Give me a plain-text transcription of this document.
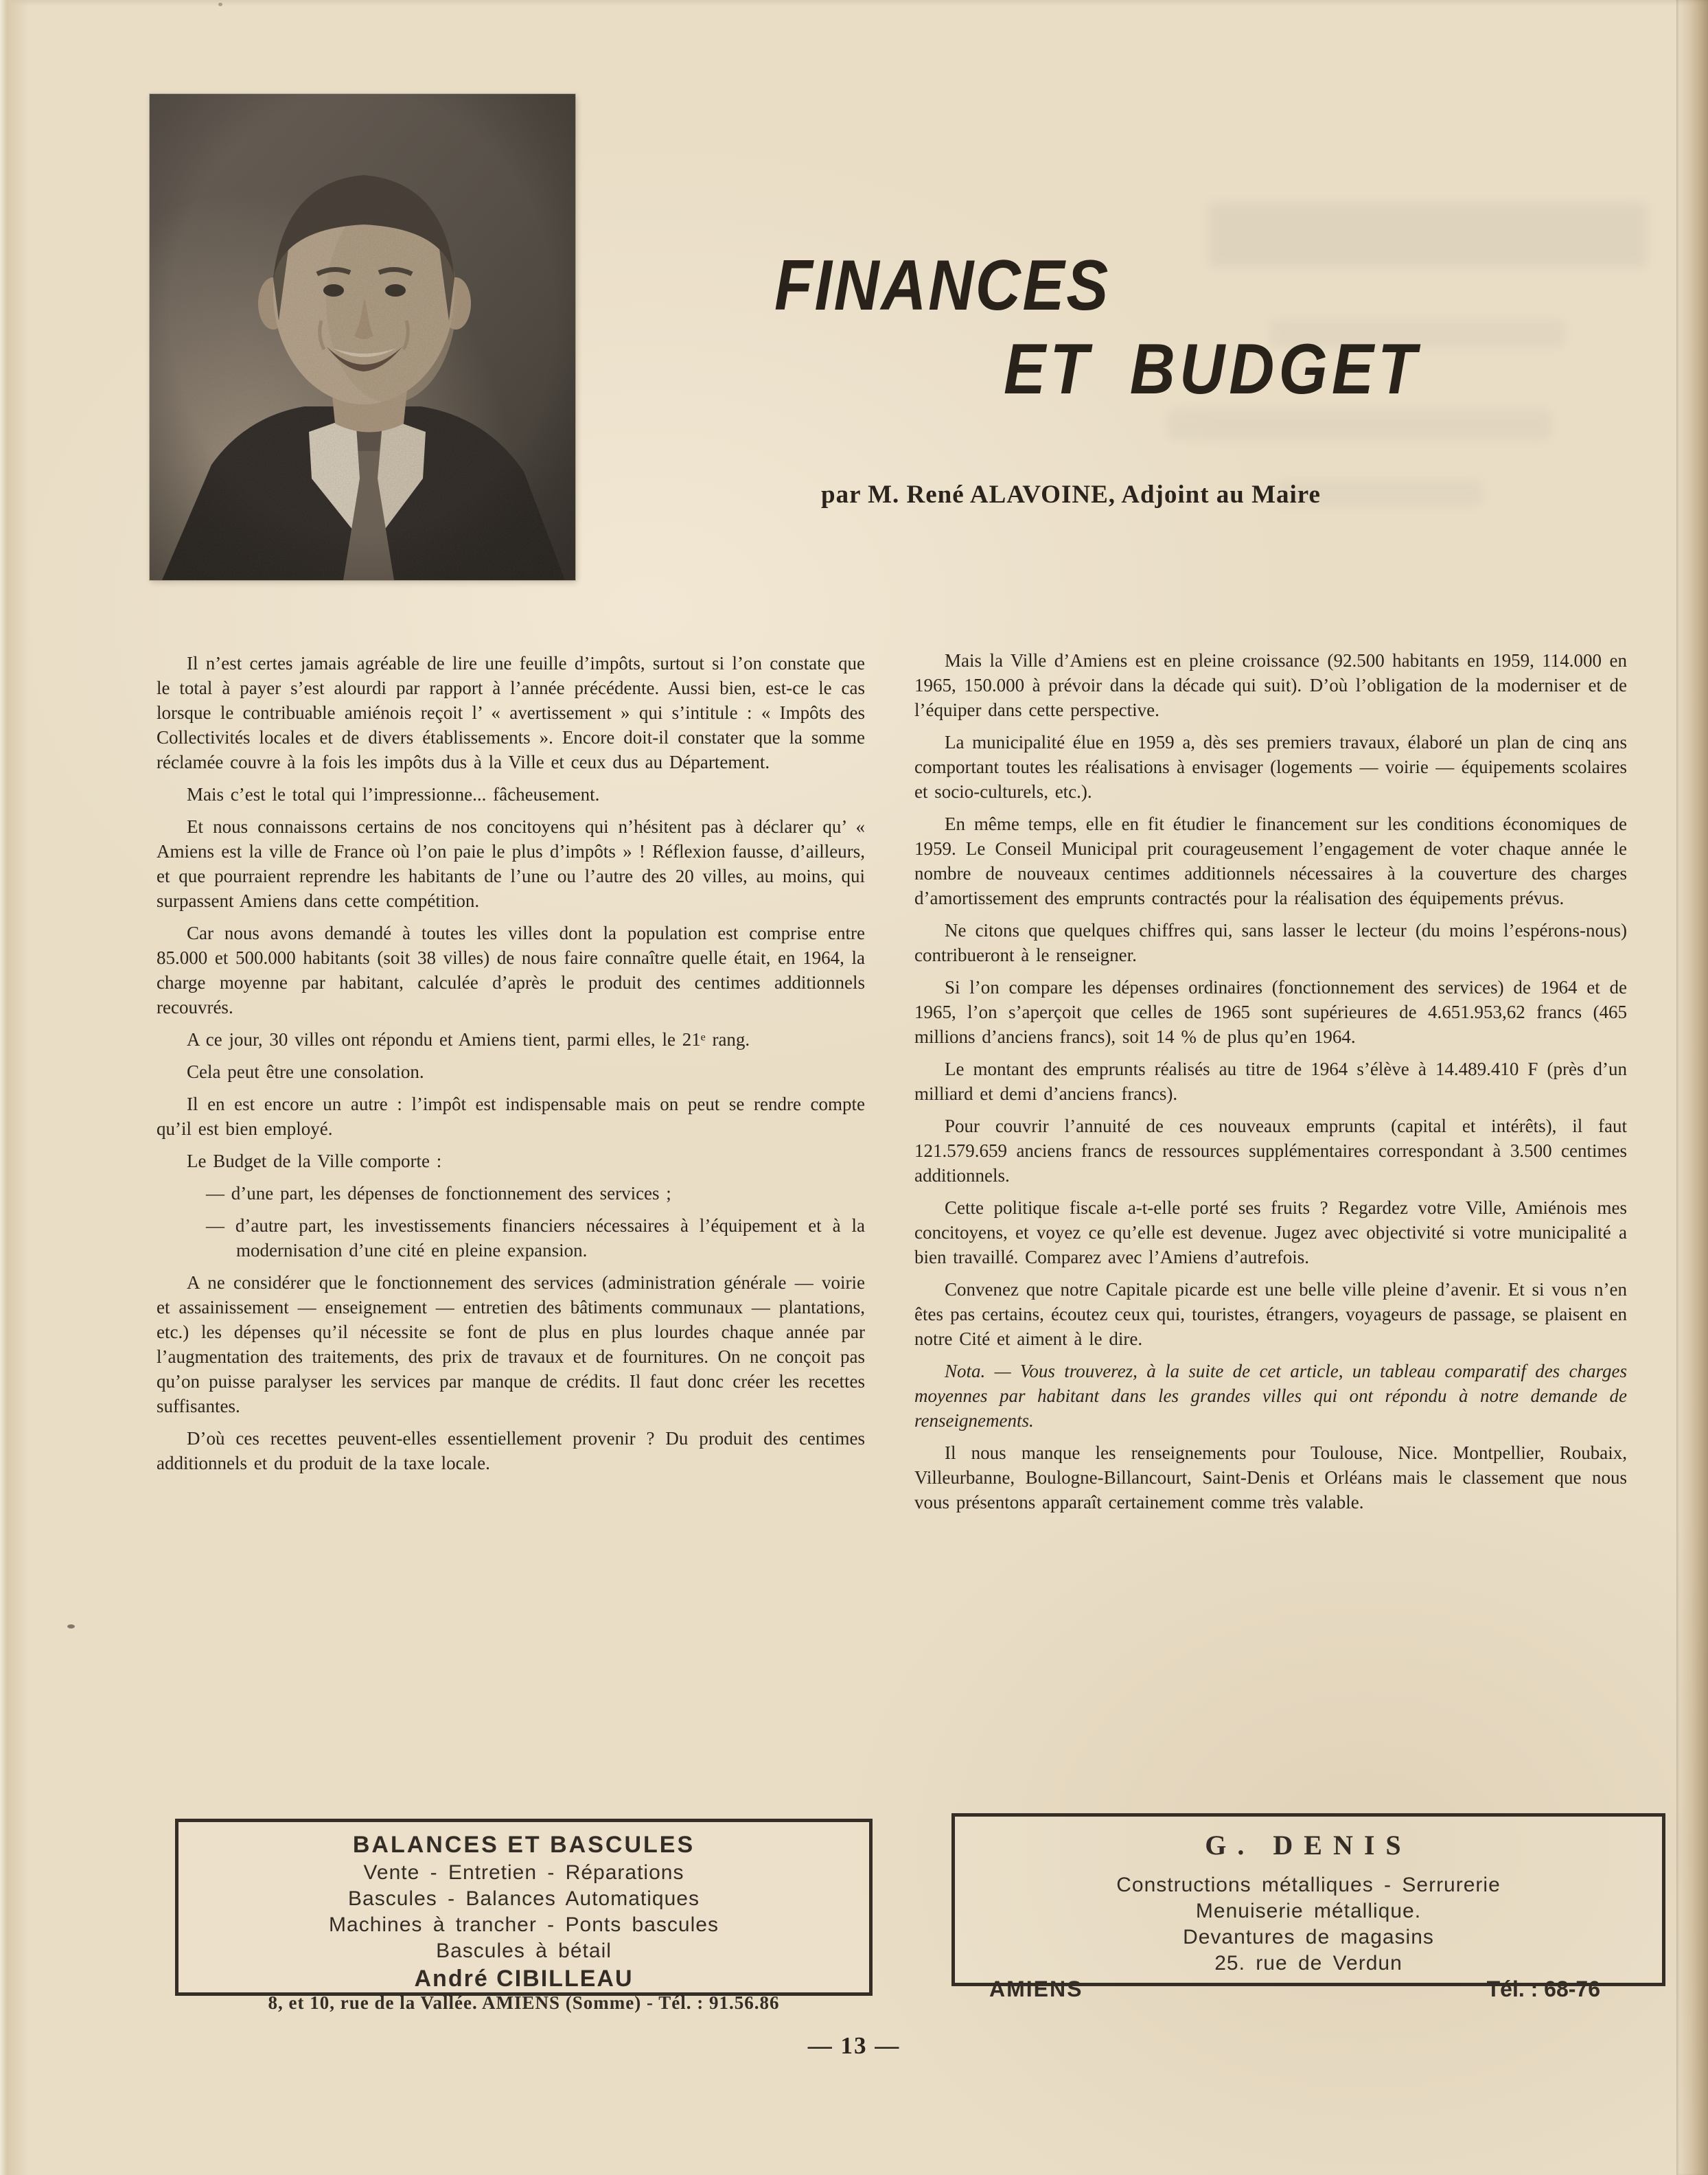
FINANCES
ET BUDGET
par M. René ALAVOINE, Adjoint au Maire

Il n’est certes jamais agréable de lire une feuille d’impôts, surtout si l’on constate que le total à payer s’est alourdi par rapport à l’année précédente. Aussi bien, est-ce le cas lorsque le contribuable amiénois reçoit l’ « avertissement » qui s’intitule : « Impôts des Collectivités locales et de divers établissements ». Encore doit-il constater que la somme réclamée couvre à la fois les impôts dus à la Ville et ceux dus au Département.

Mais c’est le total qui l’impressionne... fâcheusement.

Et nous connaissons certains de nos concitoyens qui n’hésitent pas à déclarer qu’ « Amiens est la ville de France où l’on paie le plus d’impôts » ! Réflexion fausse, d’ailleurs, et que pourraient reprendre les habitants de l’une ou l’autre des 20 villes, au moins, qui surpassent Amiens dans cette compétition.

Car nous avons demandé à toutes les villes dont la population est comprise entre 85.000 et 500.000 habitants (soit 38 villes) de nous faire connaître quelle était, en 1964, la charge moyenne par habitant, calculée d’après le produit des centimes additionnels recouvrés.

A ce jour, 30 villes ont répondu et Amiens tient, parmi elles, le 21ᵉ rang.

Cela peut être une consolation.

Il en est encore un autre : l’impôt est indispensable mais on peut se rendre compte qu’il est bien employé.

Le Budget de la Ville comporte :

— d’une part, les dépenses de fonctionnement des services ;

— d’autre part, les investissements financiers nécessaires à l’équipement et à la modernisation d’une cité en pleine expansion.

A ne considérer que le fonctionnement des services (administration générale — voirie et assainissement — enseignement — entretien des bâtiments communaux — plantations, etc.) les dépenses qu’il nécessite se font de plus en plus lourdes chaque année par l’augmentation des traitements, des prix de travaux et de fournitures. On ne conçoit pas qu’on puisse paralyser les services par manque de crédits. Il faut donc créer les recettes suffisantes.

D’où ces recettes peuvent-elles essentiellement provenir ? Du produit des centimes additionnels et du produit de la taxe locale.

Mais la Ville d’Amiens est en pleine croissance (92.500 habitants en 1959, 114.000 en 1965, 150.000 à prévoir dans la décade qui suit). D’où l’obligation de la moderniser et de l’équiper dans cette perspective.

La municipalité élue en 1959 a, dès ses premiers travaux, élaboré un plan de cinq ans comportant toutes les réalisations à envisager (logements — voirie — équipements scolaires et socio-culturels, etc.).

En même temps, elle en fit étudier le financement sur les conditions économiques de 1959. Le Conseil Municipal prit courageusement l’engagement de voter chaque année le nombre de nouveaux centimes additionnels nécessaires à la couverture des charges d’amortissement des emprunts contractés pour la réalisation des équipements prévus.

Ne citons que quelques chiffres qui, sans lasser le lecteur (du moins l’espérons-nous) contribueront à le renseigner.

Si l’on compare les dépenses ordinaires (fonctionnement des services) de 1964 et de 1965, l’on s’aperçoit que celles de 1965 sont supérieures de 4.651.953,62 francs (465 millions d’anciens francs), soit 14 % de plus qu’en 1964.

Le montant des emprunts réalisés au titre de 1964 s’élève à 14.489.410 F (près d’un milliard et demi d’anciens francs).

Pour couvrir l’annuité de ces nouveaux emprunts (capital et intérêts), il faut 121.579.659 anciens francs de ressources supplémentaires correspondant à 3.500 centimes additionnels.

Cette politique fiscale a-t-elle porté ses fruits ? Regardez votre Ville, Amiénois mes concitoyens, et voyez ce qu’elle est devenue. Jugez avec objectivité si votre municipalité a bien travaillé. Comparez avec l’Amiens d’autrefois.

Convenez que notre Capitale picarde est une belle ville pleine d’avenir. Et si vous n’en êtes pas certains, écoutez ceux qui, touristes, étrangers, voyageurs de passage, se plaisent en notre Cité et aiment à le dire.

Nota. — Vous trouverez, à la suite de cet article, un tableau comparatif des charges moyennes par habitant dans les grandes villes qui ont répondu à notre demande de renseignements.

Il nous manque les renseignements pour Toulouse, Nice. Montpellier, Roubaix, Villeurbanne, Boulogne-Billancourt, Saint-Denis et Orléans mais le classement que nous vous présentons apparaît certainement comme très valable.

BALANCES ET BASCULES
Vente - Entretien - Réparations
Bascules - Balances Automatiques
Machines à trancher - Ponts bascules
Bascules à bétail
André CIBILLEAU
8, et 10, rue de la Vallée. AMIENS (Somme) - Tél. : 91.56.86
G. DENIS
Constructions métalliques - Serrurerie
Menuiserie métallique.
Devantures de magasins
25. rue de Verdun
AMIENS	Tél. : 68-76
— 13 —
